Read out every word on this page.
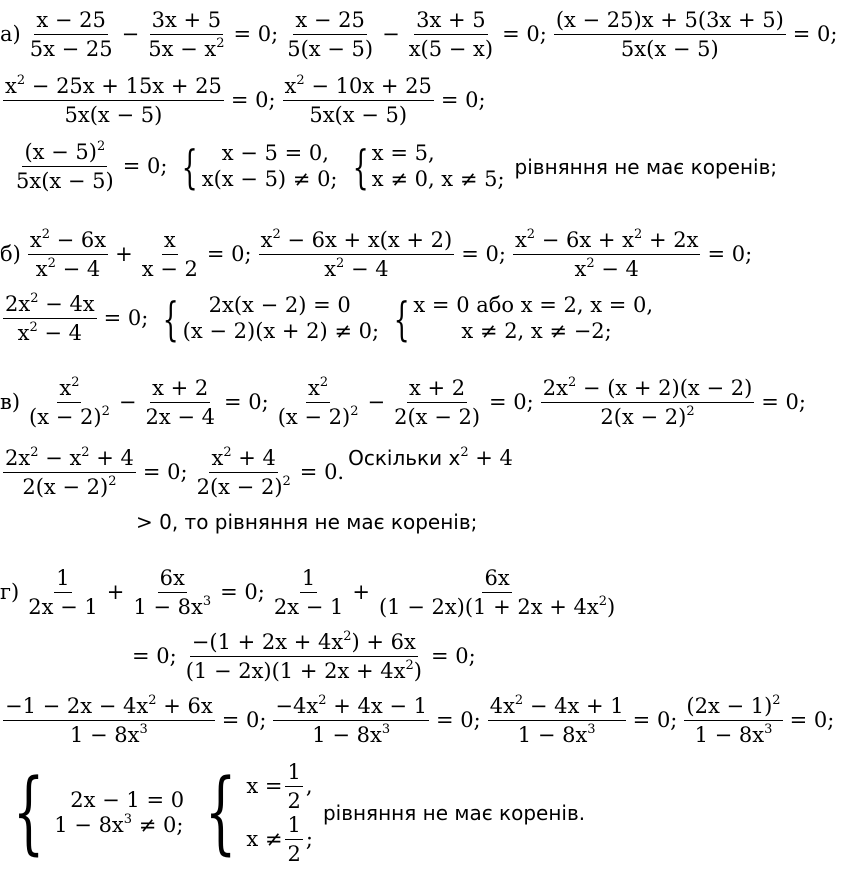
а)
x − 25
5x − 25
− $\frac{3x + 5}{5x - x^2} = 0$;
x − 25
5(x − 5)
− $\frac{3x + 5}{x(5 - x)} = 0$; $\frac{(x - 25)x + 5(3x + 5)}{5x(x - 5)} = 0$;
$\frac{x^2 - 25x + 15x + 25}{5x(x - 5)} = 0$; $\frac{x^2 - 10x + 25}{5x(x - 5)} = 0$;
$\frac{(x - 5)^2}{5x(x - 5)} = 0$; {	x − 5 = 0,
x(x − 5) ≠ 0; { x = 5,
x ≠ 0, x ≠ 5; рівняння не має коренів;
б)
$x^2 - 6x$
$x^2 - 4$
+ $\frac{x}{x - 2} = 0$; $\frac{x^2 - 6x + x(x + 2)}{x^2 - 4} = 0$; $\frac{x^2 - 6x + x^2 + 2x}{x^2 - 4} = 0$;
$\frac{2x^2 - 4x}{x^2 - 4} = 0$; {	2x(x − 2) = 0
(x − 2)(x + 2) ≠ 0; { x = 0 або x = 2, x = 0,
x ≠ 2, x ≠ −2;
в)
$x^2$
$(x - 2)^2 - \frac{x + 2}{2x - 4} = 0$;
$x^2$
$(x - 2)^2 - \frac{x + 2}{2(x - 2)} = 0$; $\frac{2x^2 - (x + 2)(x - 2)}{2(x - 2)^2} = 0$;
$\frac{2x^2 - x^2 + 4}{2(x - 2)^2} = 0$; $\frac{x^2 + 4}{2(x - 2)^2} = 0$.
Оскільки $x^2 + 4$
> 0, то рівняння не має коренів;
г)
1
2x − 1
+ $\frac{6x}{1 - 8x^3} = 0$;
1
2x − 1
+ $\frac{6x}{(1 - 2x)(1 + 2x + 4x^2)}$
= 0; $\frac{-(1 + 2x + 4x^2) + 6x}{(1 - 2x)(1 + 2x + 4x^2)} = 0$;
$\frac{-1 - 2x - 4x^2 + 6x}{1 - 8x^3} = 0$; $\frac{-4x^2 + 4x - 1}{1 - 8x^3} = 0$; $\frac{4x^2 - 4x + 1}{1 - 8x^3} = 0$; $\frac{(2x - 1)^2}{1 - 8x^3} = 0$;
{	2x − 1 = 0
$1 - 8x^3 \ne 0$; { $x = \frac{1}{2}$ ,
x ≠
1
2
;
рівняння не має коренів.
